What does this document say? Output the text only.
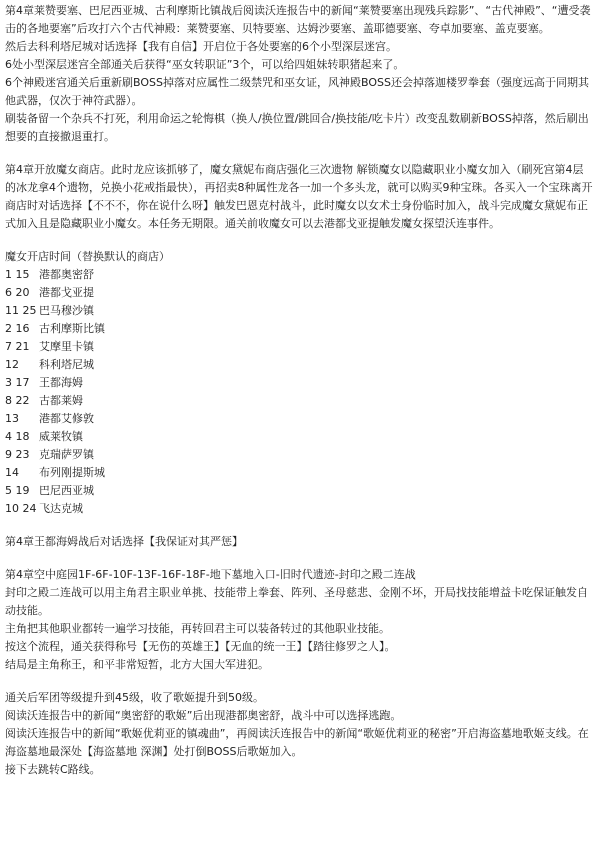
第4章莱赞要塞、巴尼西亚城、古利摩斯比镇战后阅读沃连报告中的新闻“莱赞要塞出现残兵踪影”、“古代神殿”、“遭受袭击的各地要塞”后攻打六个古代神殿：莱赞要塞、贝特要塞、达姆沙要塞、盖耶德要塞、夸卓加要塞、盖克要塞。

然后去科利塔尼城对话选择【我有自信】开启位于各处要塞的6个小型深层迷宫。

6处小型深层迷宫全部通关后获得“巫女转职证”3个，可以给四姐妹转职猪起来了。

6个神殿迷宫通关后重新刷BOSS掉落对应属性二级禁咒和巫女证，风神殿BOSS还会掉落迦楼罗拳套（强度远高于同期其他武器，仅次于神符武器）。

刷装备留一个杂兵不打死，利用命运之轮悔棋（换人/换位置/跳回合/换技能/吃卡片）改变乱数刷新BOSS掉落，然后刷出想要的直接撤退重打。

第4章开放魔女商店。此时龙应该抓够了，魔女黛妮布商店强化三次遗物 解锁魔女以隐藏职业小魔女加入（刷死宫第4层的冰龙拿4个遗物，兑换小花戒指最快），再招卖8种属性龙各一加一个多头龙，就可以购买9种宝珠。各买入一个宝珠离开商店时对话选择【不不不，你在说什么呀】触发巴恩克村战斗，此时魔女以女术士身份临时加入，战斗完成魔女黛妮布正式加入且是隐藏职业小魔女。本任务无期限。通关前收魔女可以去港都戈亚提触发魔女探望沃连事件。

魔女开店时间（替换默认的商店）

1 15 港都奥密舒
6 20 港都戈亚提
11 25 巴马穆沙镇
2 16 古利摩斯比镇
7 21 艾摩里卡镇
12	科利塔尼城
3 17 王都海姆
8 22 古都莱姆
13	港都艾修敦
4 18 威莱牧镇
9 23 克瑞萨罗镇
14	布列刚提斯城
5 19 巴尼西亚城
10 24 飞达克城

第4章王都海姆战后对话选择【我保证对其严惩】

第4章空中庭园1F-6F-10F-13F-16F-18F-地下墓地入口-旧时代遗迹-封印之殿二连战

封印之殿二连战可以用主角君主职业单挑、技能带上拳套、阵列、圣母慈悲、金刚不坏，开局找技能增益卡吃保证触发自动技能。

主角把其他职业都转一遍学习技能，再转回君主可以装备转过的其他职业技能。

按这个流程，通关获得称号【无伤的英雄王】【无血的统一王】【踏往修罗之人】。

结局是主角称王，和平非常短暂，北方大国大军进犯。

通关后军团等级提升到45级，收了歌姬提升到50级。

阅读沃连报告中的新闻“奥密舒的歌姬”后出现港都奥密舒，战斗中可以选择逃跑。

阅读沃连报告中的新闻“歌姬优莉亚的镇魂曲”，再阅读沃连报告中的新闻“歌姬优莉亚的秘密”开启海盗墓地歌姬支线。在海盗墓地最深处【海盗墓地 深渊】处打倒BOSS后歌姬加入。

接下去跳转C路线。
